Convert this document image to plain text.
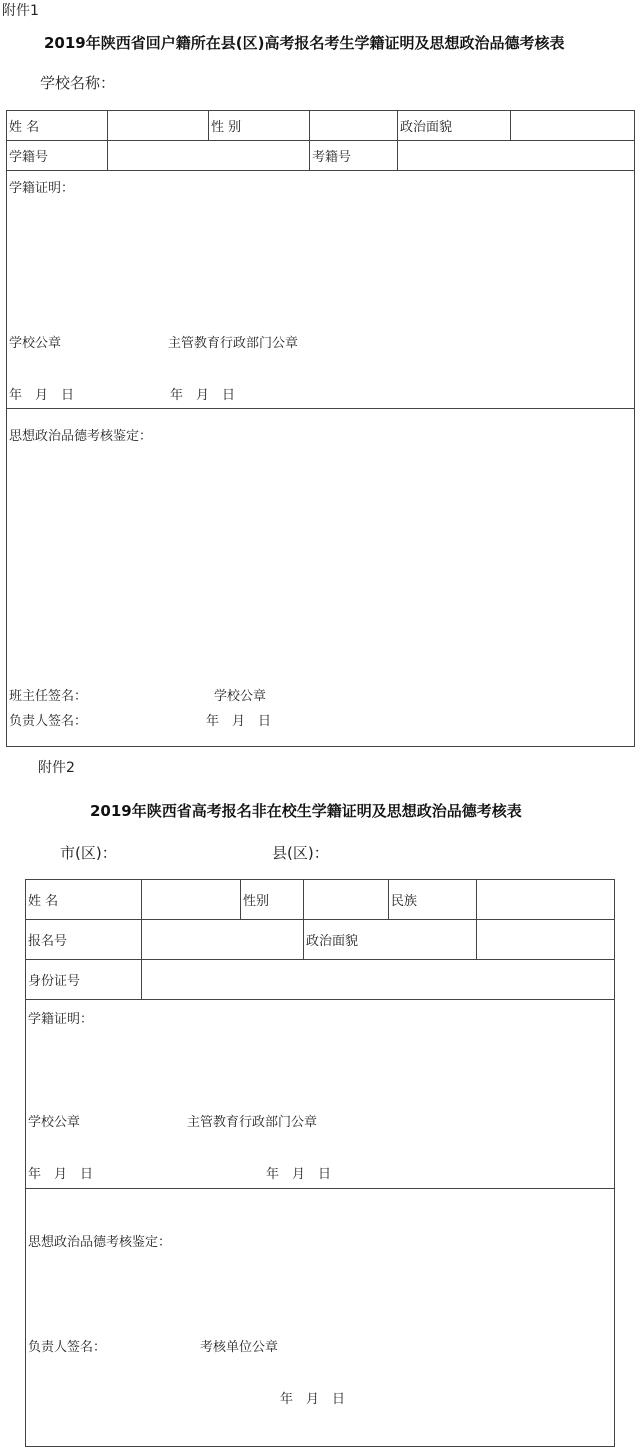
附件1
2019年陕西省回户籍所在县(区)高考报名考生学籍证明及思想政治品德考核表
学校名称：
姓 名		性 别		政治面貌	
学籍号			考籍号		

学籍证明：
学校公章 主管教育行政部门公章
年　月　日 年　月　日					

思想政治品德考核鉴定：
班主任签名： 学校公章
负责人签名： 年　月　日					
附件2
2019年陕西省高考报名非在校生学籍证明及思想政治品德考核表
市(区)：	县(区)：
姓 名		性别		民族	
报名号			政治面貌		
身份证号					

学籍证明：
学校公章 主管教育行政部门公章
年　月　日 年　月　日					

思想政治品德考核鉴定：
负责人签名： 考核单位公章
年　月　日					
